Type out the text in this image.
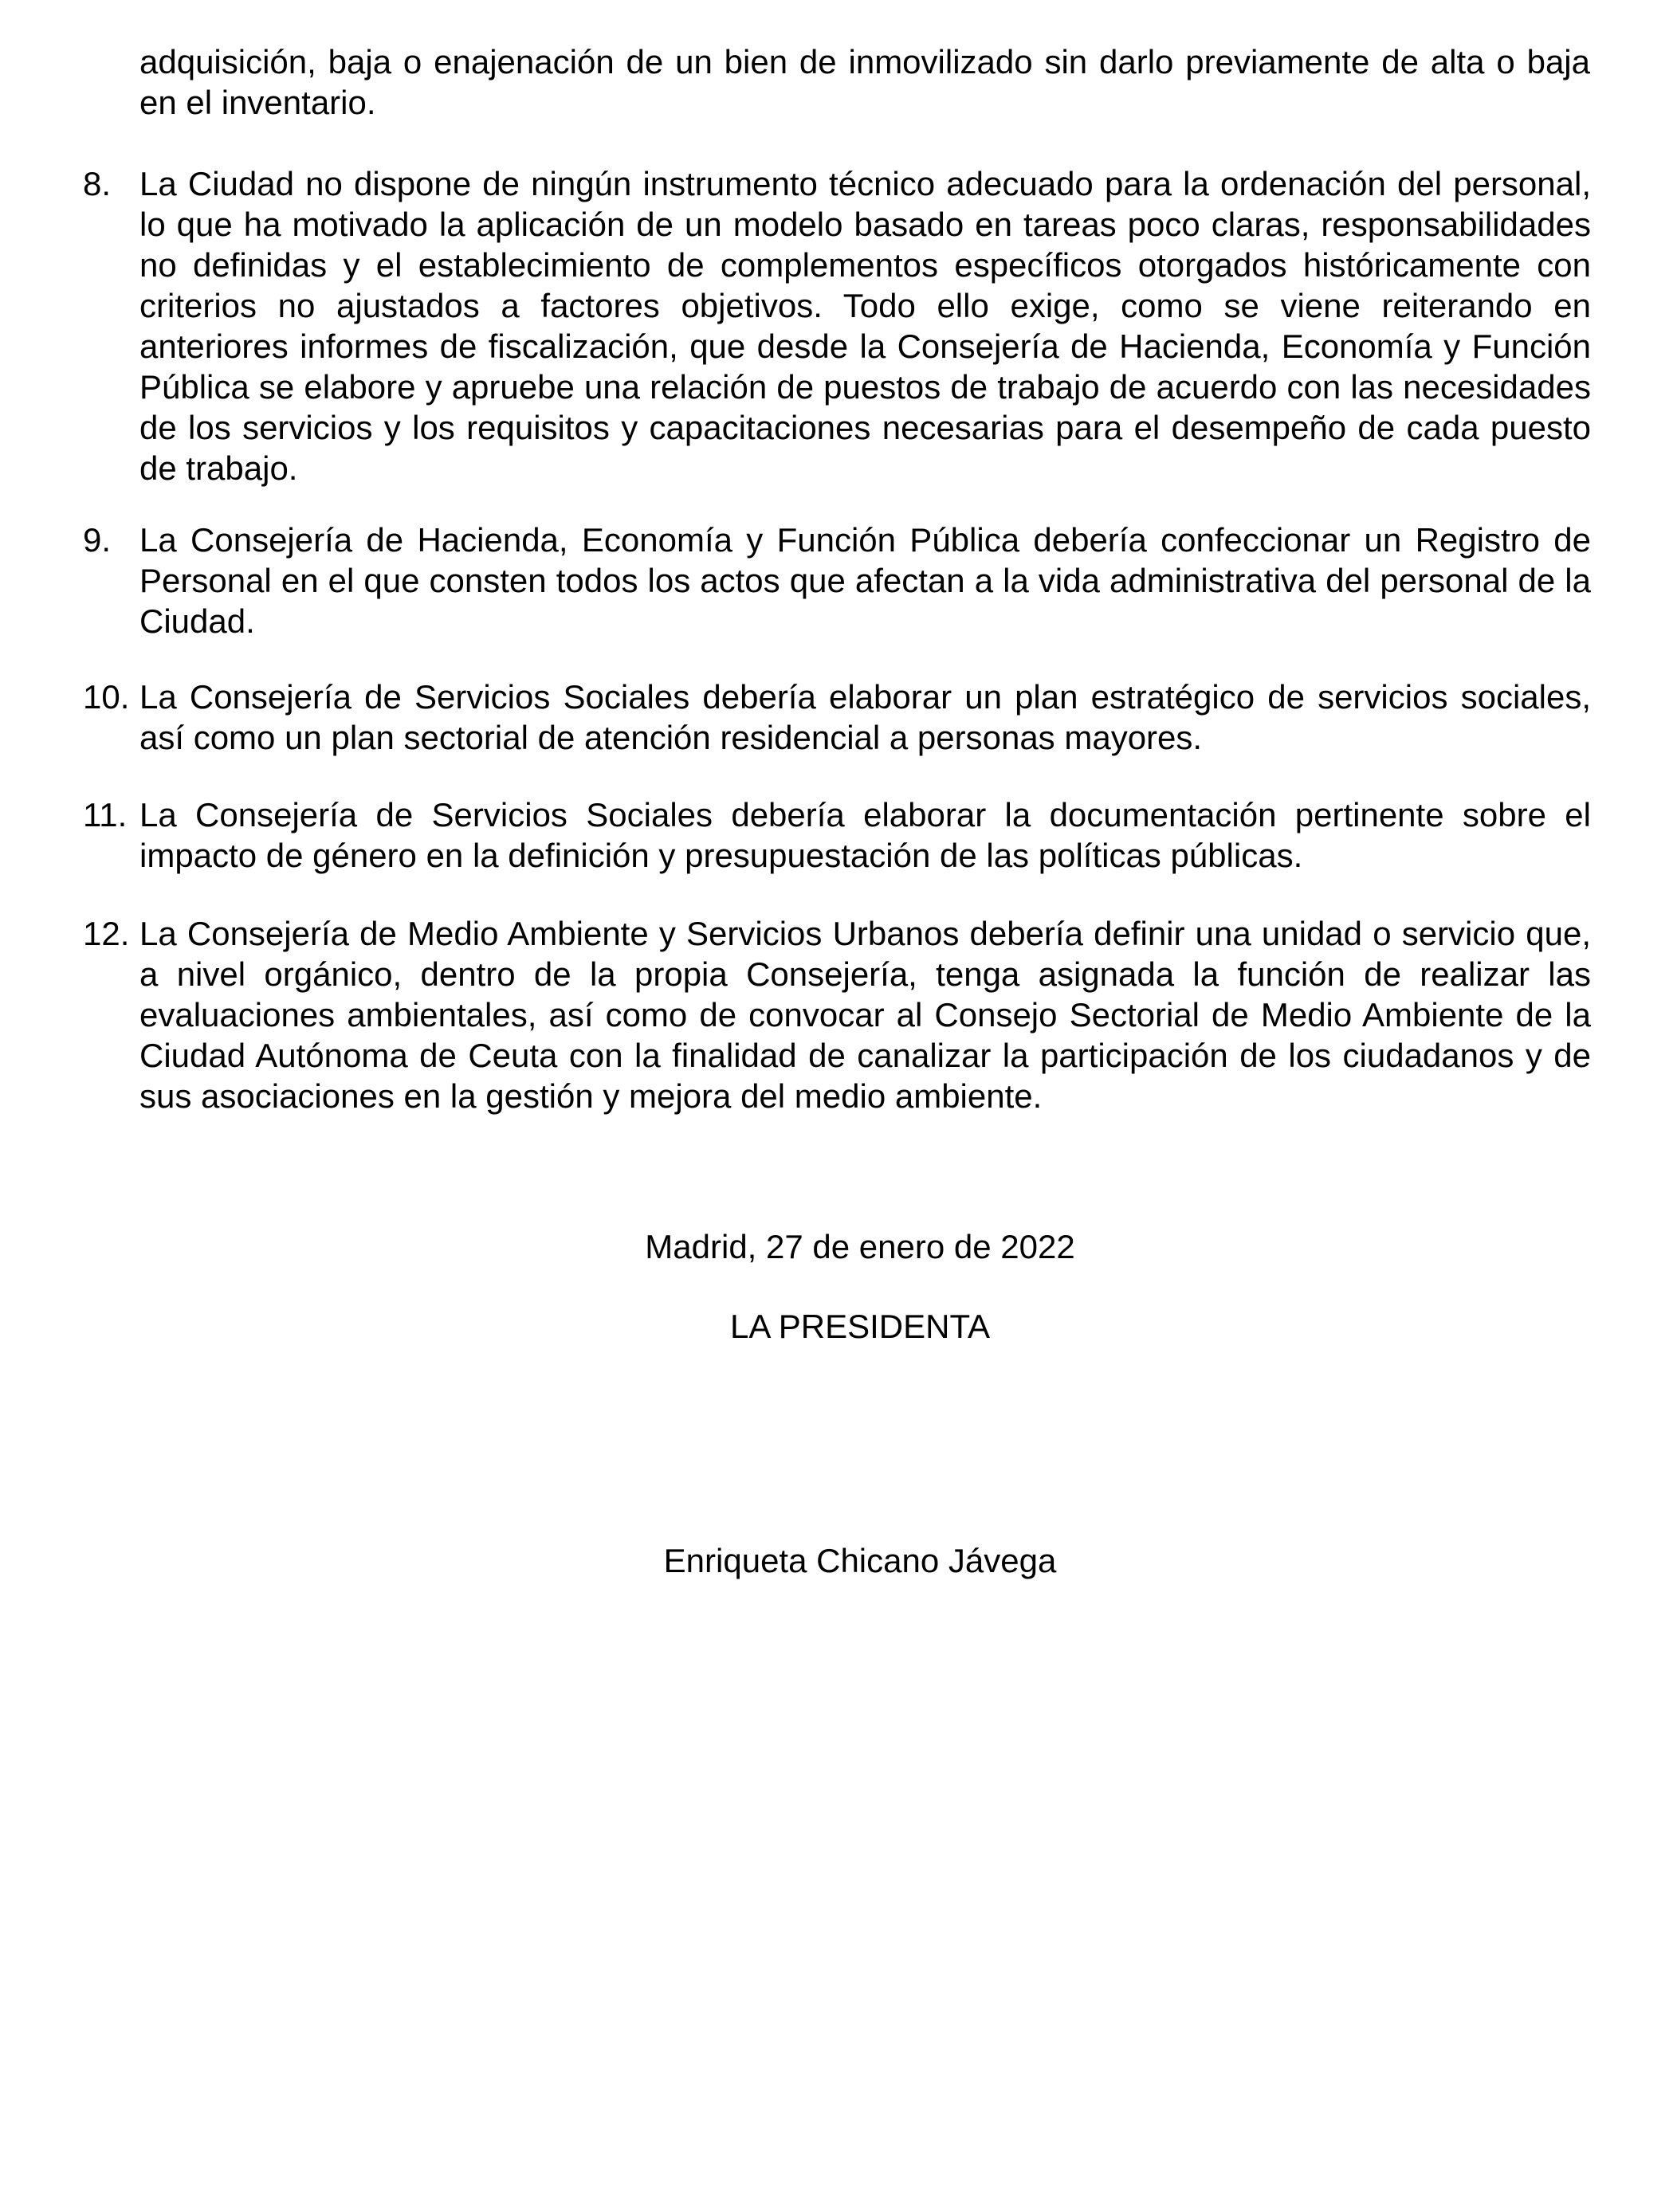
adquisición, baja o enajenación de un bien de inmovilizado sin darlo previamente de alta o baja en el inventario.
8. La Ciudad no dispone de ningún instrumento técnico adecuado para la ordenación del personal, lo que ha motivado la aplicación de un modelo basado en tareas poco claras, responsabilidades no definidas y el establecimiento de complementos específicos otorgados históricamente con criterios no ajustados a factores objetivos. Todo ello exige, como se viene reiterando en anteriores informes de fiscalización, que desde la Consejería de Hacienda, Economía y Función Pública se elabore y apruebe una relación de puestos de trabajo de acuerdo con las necesidades de los servicios y los requisitos y capacitaciones necesarias para el desempeño de cada puesto de trabajo.
9. La Consejería de Hacienda, Economía y Función Pública debería confeccionar un Registro de Personal en el que consten todos los actos que afectan a la vida administrativa del personal de la Ciudad.
10. La Consejería de Servicios Sociales debería elaborar un plan estratégico de servicios sociales, así como un plan sectorial de atención residencial a personas mayores.
11. La Consejería de Servicios Sociales debería elaborar la documentación pertinente sobre el impacto de género en la definición y presupuestación de las políticas públicas.
12. La Consejería de Medio Ambiente y Servicios Urbanos debería definir una unidad o servicio que, a nivel orgánico, dentro de la propia Consejería, tenga asignada la función de realizar las evaluaciones ambientales, así como de convocar al Consejo Sectorial de Medio Ambiente de la Ciudad Autónoma de Ceuta con la finalidad de canalizar la participación de los ciudadanos y de sus asociaciones en la gestión y mejora del medio ambiente.
Madrid, 27 de enero de 2022
LA PRESIDENTA
Enriqueta Chicano Jávega
